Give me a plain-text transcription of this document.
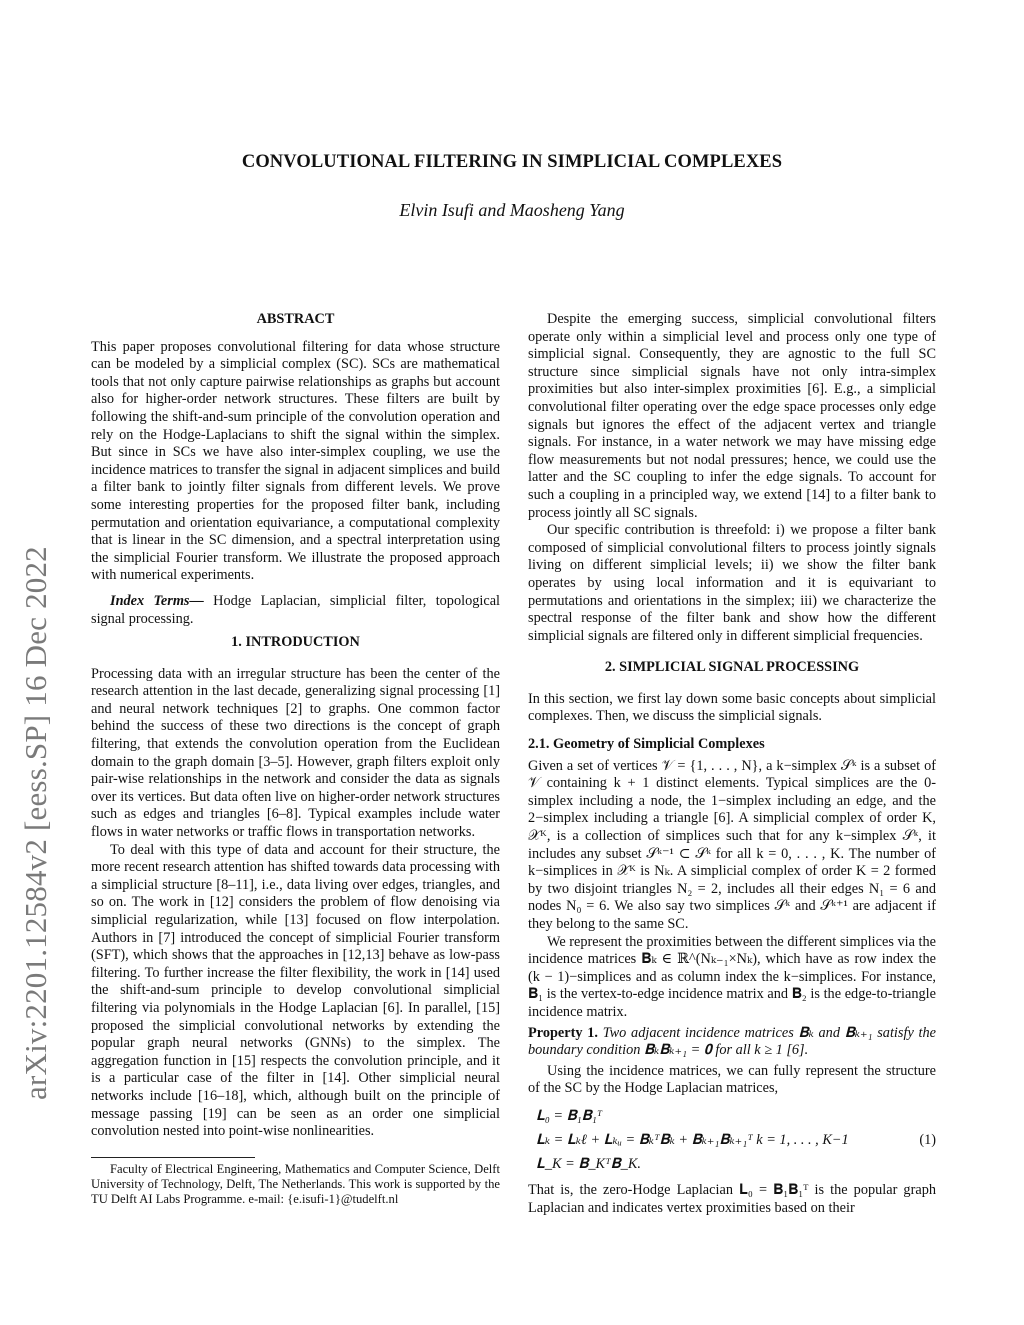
arXiv:2201.12584v2 [eess.SP] 16 Dec 2022
CONVOLUTIONAL FILTERING IN SIMPLICIAL COMPLEXES
Elvin Isufi and Maosheng Yang
ABSTRACT

This paper proposes convolutional filtering for data whose structure can be modeled by a simplicial complex (SC). SCs are mathematical tools that not only capture pairwise relationships as graphs but account also for higher-order network structures. These filters are built by following the shift-and-sum principle of the convolution operation and rely on the Hodge-Laplacians to shift the signal within the simplex. But since in SCs we have also inter-simplex coupling, we use the incidence matrices to transfer the signal in adjacent simplices and build a filter bank to jointly filter signals from different levels. We prove some interesting properties for the proposed filter bank, including permutation and orientation equivariance, a computational complexity that is linear in the SC dimension, and a spectral interpretation using the simplicial Fourier transform. We illustrate the proposed approach with numerical experiments.

Index Terms— Hodge Laplacian, simplicial filter, topological signal processing.

1. INTRODUCTION

Processing data with an irregular structure has been the center of the research attention in the last decade, generalizing signal processing [1] and neural network techniques [2] to graphs. One common factor behind the success of these two directions is the concept of graph filtering, that extends the convolution operation from the Euclidean domain to the graph domain [3–5]. However, graph filters exploit only pair-wise relationships in the network and consider the data as signals over its vertices. But data often live on higher-order network structures such as edges and triangles [6–8]. Typical examples include water flows in water networks or traffic flows in transportation networks.

To deal with this type of data and account for their structure, the more recent research attention has shifted towards data processing with a simplicial structure [8–11], i.e., data living over edges, triangles, and so on. The work in [12] considers the problem of flow denoising via simplicial regularization, while [13] focused on flow interpolation. Authors in [7] introduced the concept of simplicial Fourier transform (SFT), which shows that the approaches in [12,13] behave as low-pass filtering. To further increase the filter flexibility, the work in [14] used the shift-and-sum principle to develop convolutional simplicial filtering via polynomials in the Hodge Laplacian [6]. In parallel, [15] proposed the simplicial convolutional networks by extending the popular graph neural networks (GNNs) to the simplex. The aggregation function in [15] respects the convolution principle, and it is a particular case of the filter in [14]. Other simplicial neural networks include [16–18], which, although built on the principle of message passing [19] can be seen as an order one simplicial convolution nested into point-wise nonlinearities.

Faculty of Electrical Engineering, Mathematics and Computer Science, Delft University of Technology, Delft, The Netherlands. This work is supported by the TU Delft AI Labs Programme. e-mail: {e.isufi-1}@tudelft.nl

Despite the emerging success, simplicial convolutional filters operate only within a simplicial level and process only one type of simplicial signal. Consequently, they are agnostic to the full SC structure since simplicial signals have not only intra-simplex proximities but also inter-simplex proximities [6]. E.g., a simplicial convolutional filter operating over the edge space processes only edge signals but ignores the effect of the adjacent vertex and triangle signals. For instance, in a water network we may have missing edge flow measurements but not nodal pressures; hence, we could use the latter and the SC coupling to infer the edge signals. To account for such a coupling in a principled way, we extend [14] to a filter bank to process jointly all SC signals.

Our specific contribution is threefold: i) we propose a filter bank composed of simplicial convolutional filters to process jointly signals living on different simplicial levels; ii) we show the filter bank operates by using local information and it is equivariant to permutations and orientations in the simplex; iii) we characterize the spectral response of the filter bank and show how the different simplicial signals are filtered only in different simplicial frequencies.

2. SIMPLICIAL SIGNAL PROCESSING

In this section, we first lay down some basic concepts about simplicial complexes. Then, we discuss the simplicial signals.

2.1. Geometry of Simplicial Complexes

Given a set of vertices 𝒱 = {1, . . . , N}, a k−simplex 𝒮ᵏ is a subset of 𝒱 containing k + 1 distinct elements. Typical simplices are the 0-simplex including a node, the 1−simplex including an edge, and the 2−simplex including a triangle [6]. A simplicial complex of order K, 𝒳ᴷ, is a collection of simplices such that for any k−simplex 𝒮ᵏ, it includes any subset 𝒮ᵏ⁻¹ ⊂ 𝒮ᵏ for all k = 0, . . . , K. The number of k−simplices in 𝒳ᴷ is Nₖ. A simplicial complex of order K = 2 formed by two disjoint triangles N₂ = 2, includes all their edges N₁ = 6 and nodes N₀ = 6. We also say two simplices 𝒮ᵏ and 𝒮ᵏ⁺¹ are adjacent if they belong to the same SC.

We represent the proximities between the different simplices via the incidence matrices 𝐁ₖ ∈ ℝ^(Nₖ₋₁×Nₖ), which have as row index the (k − 1)−simplices and as column index the k−simplices. For instance, 𝐁₁ is the vertex-to-edge incidence matrix and 𝐁₂ is the edge-to-triangle incidence matrix.

Property 1. Two adjacent incidence matrices 𝐁ₖ and 𝐁ₖ₊₁ satisfy the boundary condition 𝐁ₖ𝐁ₖ₊₁ = 𝟎 for all k ≥ 1 [6].

Using the incidence matrices, we can fully represent the structure of the SC by the Hodge Laplacian matrices,

𝐋₀ = 𝐁₁𝐁₁ᵀ
𝐋ₖ = 𝐋ₖℓ + 𝐋ₖᵤ = 𝐁ₖᵀ𝐁ₖ + 𝐁ₖ₊₁𝐁ₖ₊₁ᵀ k = 1, . . . , K−1	(1)
𝐋_K = 𝐁_Kᵀ𝐁_K.

That is, the zero-Hodge Laplacian 𝐋₀ = 𝐁₁𝐁₁ᵀ is the popular graph Laplacian and indicates vertex proximities based on their
